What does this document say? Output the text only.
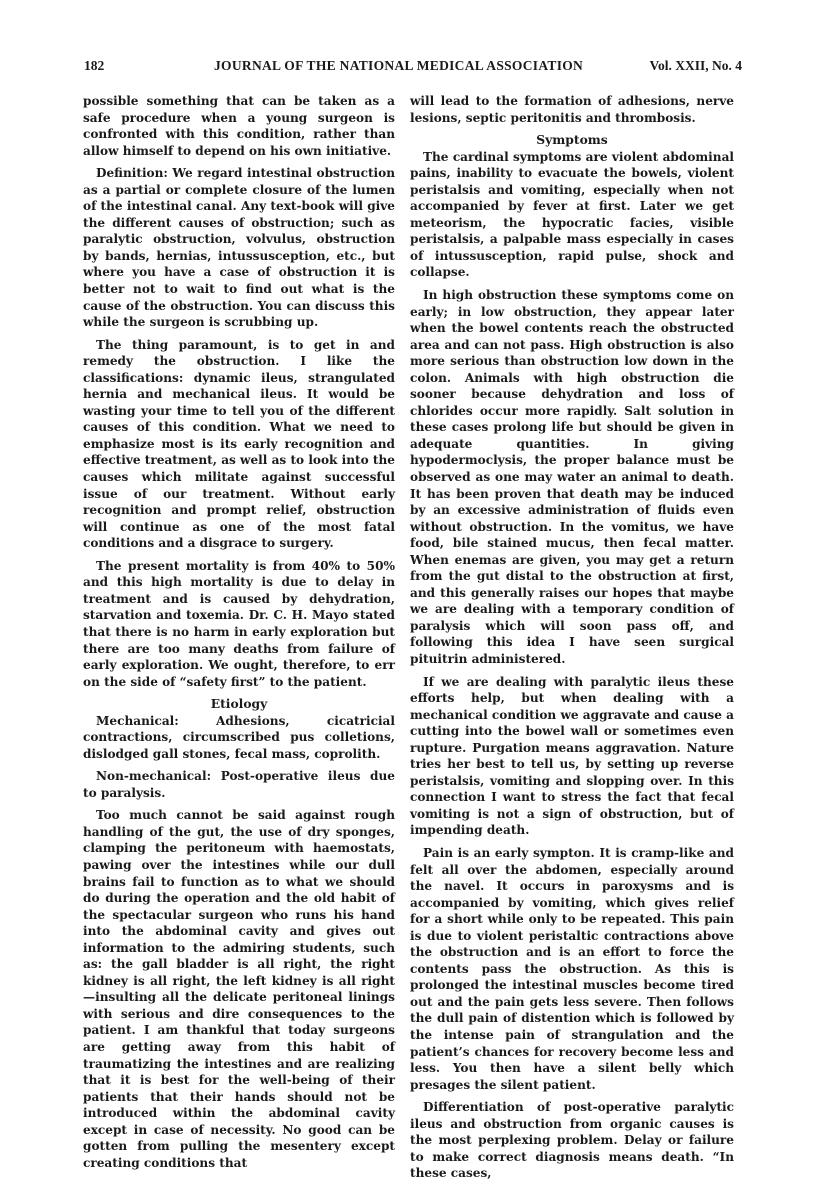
182	JOURNAL OF THE NATIONAL MEDICAL ASSOCIATION	Vol. XXII, No. 4

possible something that can be taken as a safe procedure when a young surgeon is confronted with this condition, rather than allow himself to depend on his own initiative.

Definition: We regard intestinal obstruction as a partial or complete closure of the lumen of the intestinal canal. Any text-book will give the different causes of obstruction; such as paralytic obstruction, volvulus, obstruction by bands, hernias, intussusception, etc., but where you have a case of obstruction it is better not to wait to find out what is the cause of the obstruction. You can discuss this while the surgeon is scrubbing up.

The thing paramount, is to get in and remedy the obstruction. I like the classifications: dynamic ileus, strangulated hernia and mechanical ileus. It would be wasting your time to tell you of the different causes of this condition. What we need to emphasize most is its early recognition and effective treatment, as well as to look into the causes which militate against successful issue of our treatment. Without early recognition and prompt relief, obstruction will continue as one of the most fatal conditions and a disgrace to surgery.

The present mortality is from 40% to 50% and this high mortality is due to delay in treatment and is caused by dehydration, starvation and toxemia. Dr. C. H. Mayo stated that there is no harm in early exploration but there are too many deaths from failure of early exploration. We ought, therefore, to err on the side of “safety first” to the patient.

Etiology

Mechanical: Adhesions, cicatricial contractions, circumscribed pus colletions, dislodged gall stones, fecal mass, coprolith.

Non-mechanical: Post-operative ileus due to paralysis.

Too much cannot be said against rough handling of the gut, the use of dry sponges, clamping the peritoneum with haemostats, pawing over the intestines while our dull brains fail to function as to what we should do during the operation and the old habit of the spectacular surgeon who runs his hand into the abdominal cavity and gives out information to the admiring students, such as: the gall bladder is all right, the right kidney is all right, the left kidney is all right—insulting all the delicate peritoneal linings with serious and dire consequences to the patient. I am thankful that today surgeons are getting away from this habit of traumatizing the intestines and are realizing that it is best for the well-being of their patients that their hands should not be introduced within the abdominal cavity except in case of necessity. No good can be gotten from pulling the mesentery except creating conditions that

will lead to the formation of adhesions, nerve lesions, septic peritonitis and thrombosis.

Symptoms

The cardinal symptoms are violent abdominal pains, inability to evacuate the bowels, violent peristalsis and vomiting, especially when not accompanied by fever at first. Later we get meteorism, the hypocratic facies, visible peristalsis, a palpable mass especially in cases of intussusception, rapid pulse, shock and collapse.

In high obstruction these symptoms come on early; in low obstruction, they appear later when the bowel contents reach the obstructed area and can not pass. High obstruction is also more serious than obstruction low down in the colon. Animals with high obstruction die sooner because dehydration and loss of chlorides occur more rapidly. Salt solution in these cases prolong life but should be given in adequate quantities. In giving hypodermoclysis, the proper balance must be observed as one may water an animal to death. It has been proven that death may be induced by an excessive administration of fluids even without obstruction. In the vomitus, we have food, bile stained mucus, then fecal matter. When enemas are given, you may get a return from the gut distal to the obstruction at first, and this generally raises our hopes that maybe we are dealing with a temporary condition of paralysis which will soon pass off, and following this idea I have seen surgical pituitrin administered.

If we are dealing with paralytic ileus these efforts help, but when dealing with a mechanical condition we aggravate and cause a cutting into the bowel wall or sometimes even rupture. Purgation means aggravation. Nature tries her best to tell us, by setting up reverse peristalsis, vomiting and slopping over. In this connection I want to stress the fact that fecal vomiting is not a sign of obstruction, but of impending death.

Pain is an early sympton. It is cramp-like and felt all over the abdomen, especially around the navel. It occurs in paroxysms and is accompanied by vomiting, which gives relief for a short while only to be repeated. This pain is due to violent peristaltic contractions above the obstruction and is an effort to force the contents pass the obstruction. As this is prolonged the intestinal muscles become tired out and the pain gets less severe. Then follows the dull pain of distention which is followed by the intense pain of strangulation and the patient’s chances for recovery become less and less. You then have a silent belly which presages the silent patient.

Differentiation of post-operative paralytic ileus and obstruction from organic causes is the most perplexing problem. Delay or failure to make correct diagnosis means death. “In these cases,
